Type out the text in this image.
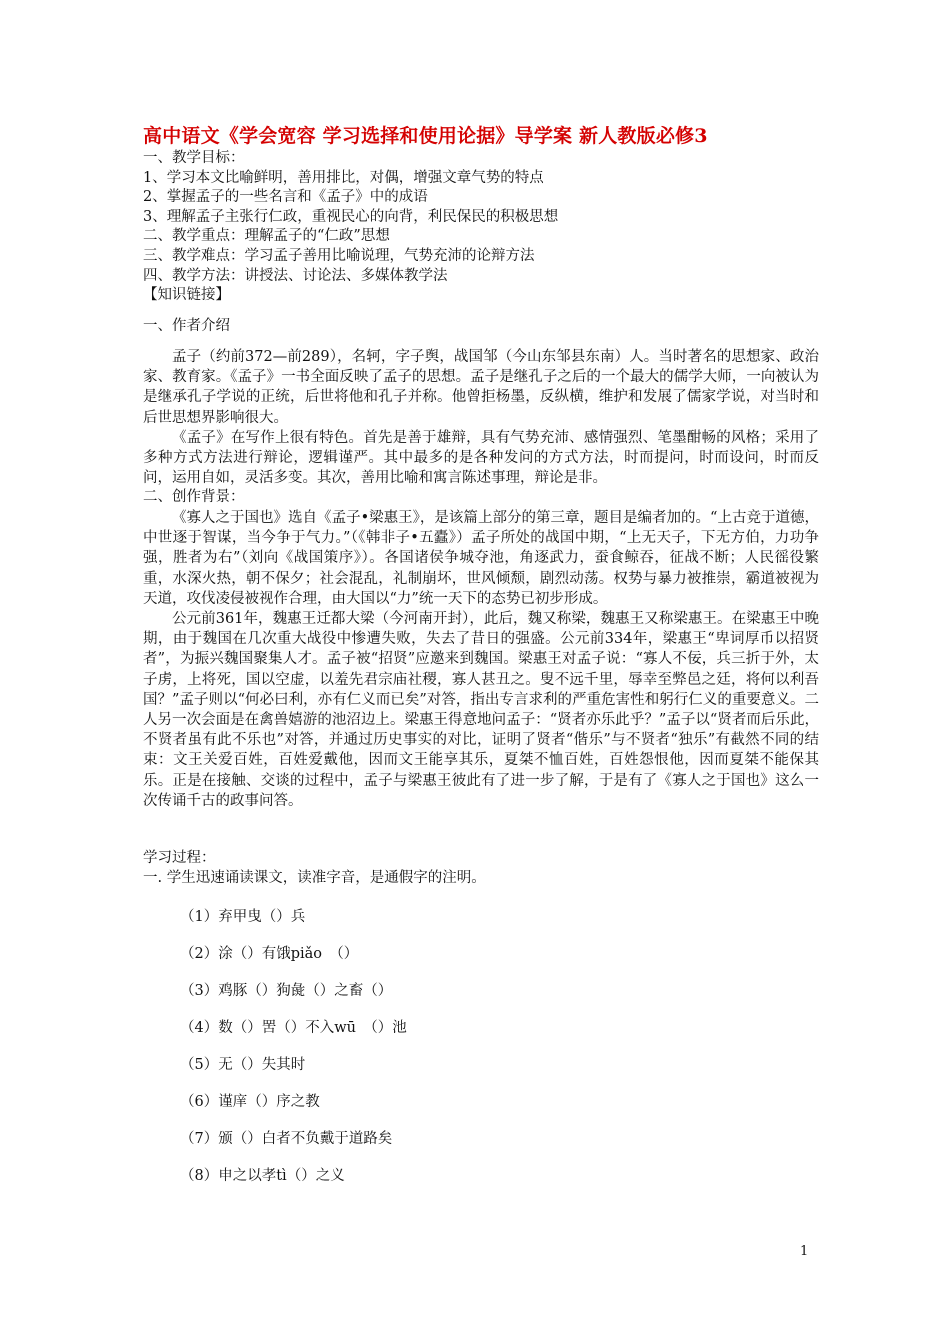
高中语文《学会宽容 学习选择和使用论据》导学案 新人教版必修3
一、教学目标：
1、学习本文比喻鲜明，善用排比，对偶，增强文章气势的特点
2、掌握孟子的一些名言和《孟子》中的成语
3、理解孟子主张行仁政，重视民心的向背，利民保民的积极思想
二、教学重点：理解孟子的“仁政”思想
三、教学难点：学习孟子善用比喻说理，气势充沛的论辩方法
四、教学方法：讲授法、讨论法、多媒体教学法
【知识链接】
一、作者介绍
孟子（约前372—前289），名轲，字子舆，战国邹（今山东邹县东南）人。当时著名的思想家、政治家、教育家。《孟子》一书全面反映了孟子的思想。孟子是继孔子之后的一个最大的儒学大师，一向被认为是继承孔子学说的正统，后世将他和孔子并称。他曾拒杨墨，反纵横，维护和发展了儒家学说，对当时和后世思想界影响很大。
《孟子》在写作上很有特色。首先是善于雄辩，具有气势充沛、感情强烈、笔墨酣畅的风格；采用了多种方式方法进行辩论，逻辑谨严。其中最多的是各种发问的方式方法，时而提问，时而设问，时而反问，运用自如，灵活多变。其次，善用比喻和寓言陈述事理，辩论是非。
二、创作背景：
《寡人之于国也》选自《孟子•梁惠王》，是该篇上部分的第三章，题目是编者加的。“上古竞于道德，中世逐于智谋，当今争于气力。”（《韩非子•五蠹》）孟子所处的战国中期，“上无天子，下无方伯，力功争强，胜者为右”（刘向《战国策序》）。各国诸侯争城夺池，角逐武力，蚕食鲸吞，征战不断；人民徭役繁重，水深火热，朝不保夕；社会混乱，礼制崩坏，世风倾颓，剧烈动荡。权势与暴力被推崇，霸道被视为天道，攻伐凌侵被视作合理，由大国以“力”统一天下的态势已初步形成。
公元前361年，魏惠王迁都大梁（今河南开封），此后，魏又称梁，魏惠王又称梁惠王。在梁惠王中晚期，由于魏国在几次重大战役中惨遭失败，失去了昔日的强盛。公元前334年，梁惠王“卑词厚币以招贤者”，为振兴魏国聚集人才。孟子被“招贤”应邀来到魏国。梁惠王对孟子说：“寡人不佞，兵三折于外，太子虏，上将死，国以空虚，以羞先君宗庙社稷，寡人甚丑之。叟不远千里，辱幸至弊邑之廷，将何以利吾国？”孟子则以“何必曰利，亦有仁义而已矣”对答，指出专言求利的严重危害性和躬行仁义的重要意义。二人另一次会面是在禽兽嬉游的池沼边上。梁惠王得意地问孟子：“贤者亦乐此乎？”孟子以“贤者而后乐此，不贤者虽有此不乐也”对答，并通过历史事实的对比，证明了贤者“偕乐”与不贤者“独乐”有截然不同的结束：文王关爱百姓，百姓爱戴他，因而文王能享其乐，夏桀不恤百姓，百姓怨恨他，因而夏桀不能保其乐。正是在接触、交谈的过程中，孟子与梁惠王彼此有了进一步了解，于是有了《寡人之于国也》这么一次传诵千古的政事问答。
学习过程：
一. 学生迅速诵读课文，读准字音，是通假字的注明。
（1）弃甲曳（）兵
（2）涂（）有饿piǎo　（）
（3）鸡豚（）狗彘（）之畜（）
（4）数（）罟（）不入wū　（）池
（5）无（）失其时
（6）谨庠（）序之教
（7）颁（）白者不负戴于道路矣
（8）申之以孝tì（）之义
1
